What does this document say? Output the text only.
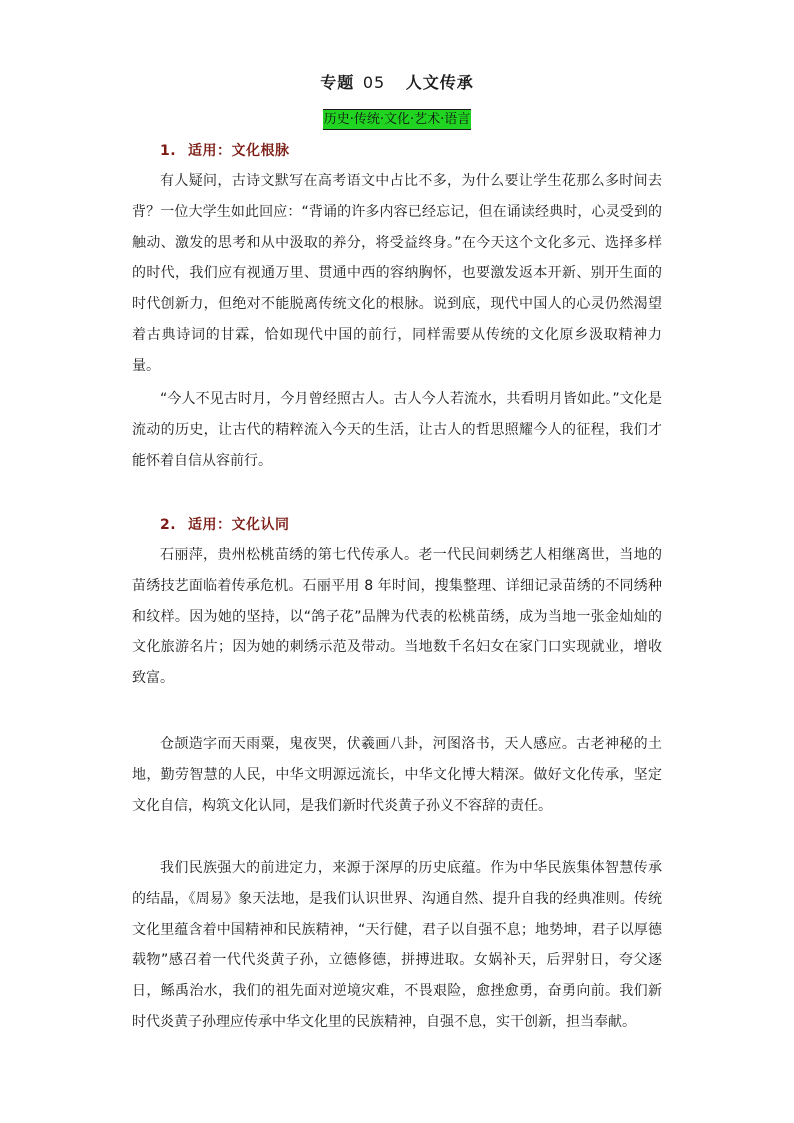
专题 05 人文传承
历史·传统·文化·艺术·语言
1. 适用：文化根脉

有人疑问，古诗文默写在高考语文中占比不多，为什么要让学生花那么多时间去背？一位大学生如此回应：“背诵的许多内容已经忘记，但在诵读经典时，心灵受到的触动、激发的思考和从中汲取的养分，将受益终身。”在今天这个文化多元、选择多样的时代，我们应有视通万里、贯通中西的容纳胸怀，也要激发返本开新、别开生面的时代创新力，但绝对不能脱离传统文化的根脉。说到底，现代中国人的心灵仍然渴望着古典诗词的甘霖，恰如现代中国的前行，同样需要从传统的文化原乡汲取精神力量。

“今人不见古时月，今月曾经照古人。古人今人若流水，共看明月皆如此。”文化是流动的历史，让古代的精粹流入今天的生活，让古人的哲思照耀今人的征程，我们才能怀着自信从容前行。

2. 适用：文化认同

石丽萍，贵州松桃苗绣的第七代传承人。老一代民间刺绣艺人相继离世，当地的苗绣技艺面临着传承危机。石丽平用 8 年时间，搜集整理、详细记录苗绣的不同绣种和纹样。因为她的坚持，以“鸽子花”品牌为代表的松桃苗绣，成为当地一张金灿灿的文化旅游名片；因为她的刺绣示范及带动。当地数千名妇女在家门口实现就业，增收致富。

仓颉造字而天雨粟，鬼夜哭，伏羲画八卦，河图洛书，天人感应。古老神秘的土地，勤劳智慧的人民，中华文明源远流长，中华文化博大精深。做好文化传承，坚定文化自信，构筑文化认同，是我们新时代炎黄子孙义不容辞的责任。

我们民族强大的前进定力，来源于深厚的历史底蕴。作为中华民族集体智慧传承的结晶，《周易》象天法地，是我们认识世界、沟通自然、提升自我的经典准则。传统文化里蕴含着中国精神和民族精神，“天行健，君子以自强不息；地势坤，君子以厚德载物”感召着一代代炎黄子孙，立德修德，拼搏进取。女娲补天，后羿射日，夸父逐日，鲧禹治水，我们的祖先面对逆境灾难，不畏艰险，愈挫愈勇，奋勇向前。我们新时代炎黄子孙理应传承中华文化里的民族精神，自强不息，实干创新，担当奉献。
